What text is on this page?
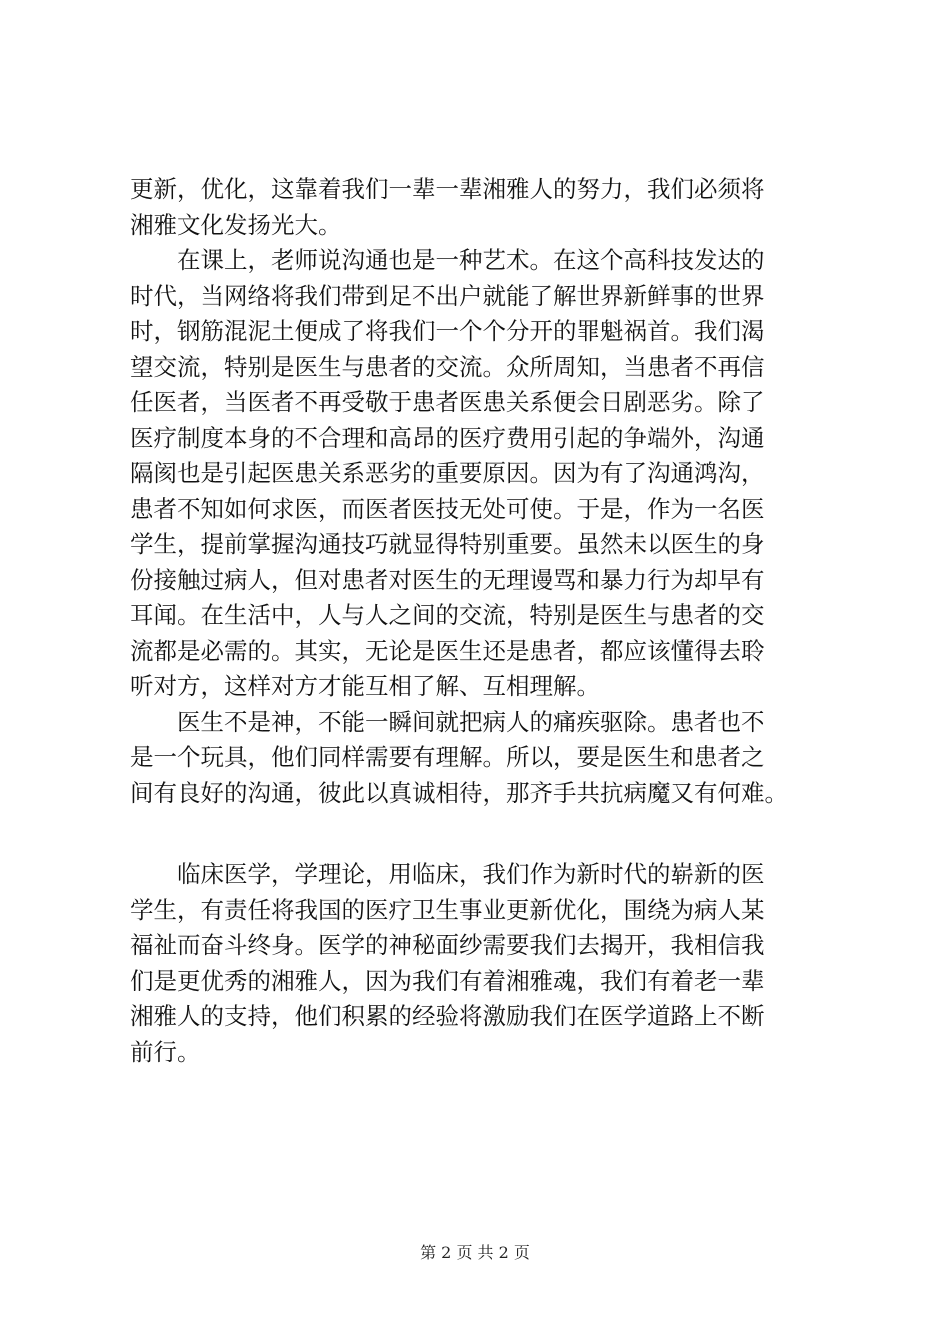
更新，优化，这靠着我们一辈一辈湘雅人的努力，我们必须将
湘雅文化发扬光大。
在课上，老师说沟通也是一种艺术。在这个高科技发达的
时代，当网络将我们带到足不出户就能了解世界新鲜事的世界
时，钢筋混泥土便成了将我们一个个分开的罪魁祸首。我们渴
望交流，特别是医生与患者的交流。众所周知，当患者不再信
任医者，当医者不再受敬于患者医患关系便会日剧恶劣。除了
医疗制度本身的不合理和高昂的医疗费用引起的争端外，沟通
隔阂也是引起医患关系恶劣的重要原因。因为有了沟通鸿沟，
患者不知如何求医，而医者医技无处可使。于是，作为一名医
学生，提前掌握沟通技巧就显得特别重要。虽然未以医生的身
份接触过病人，但对患者对医生的无理谩骂和暴力行为却早有
耳闻。在生活中，人与人之间的交流，特别是医生与患者的交
流都是必需的。其实，无论是医生还是患者，都应该懂得去聆
听对方，这样对方才能互相了解、互相理解。
医生不是神，不能一瞬间就把病人的痛疾驱除。患者也不
是一个玩具，他们同样需要有理解。所以，要是医生和患者之
间有良好的沟通，彼此以真诚相待，那齐手共抗病魔又有何难。
临床医学，学理论，用临床，我们作为新时代的崭新的医
学生，有责任将我国的医疗卫生事业更新优化，围绕为病人某
福祉而奋斗终身。医学的神秘面纱需要我们去揭开，我相信我
们是更优秀的湘雅人，因为我们有着湘雅魂，我们有着老一辈
湘雅人的支持，他们积累的经验将激励我们在医学道路上不断
前行。
第 2 页 共 2 页
